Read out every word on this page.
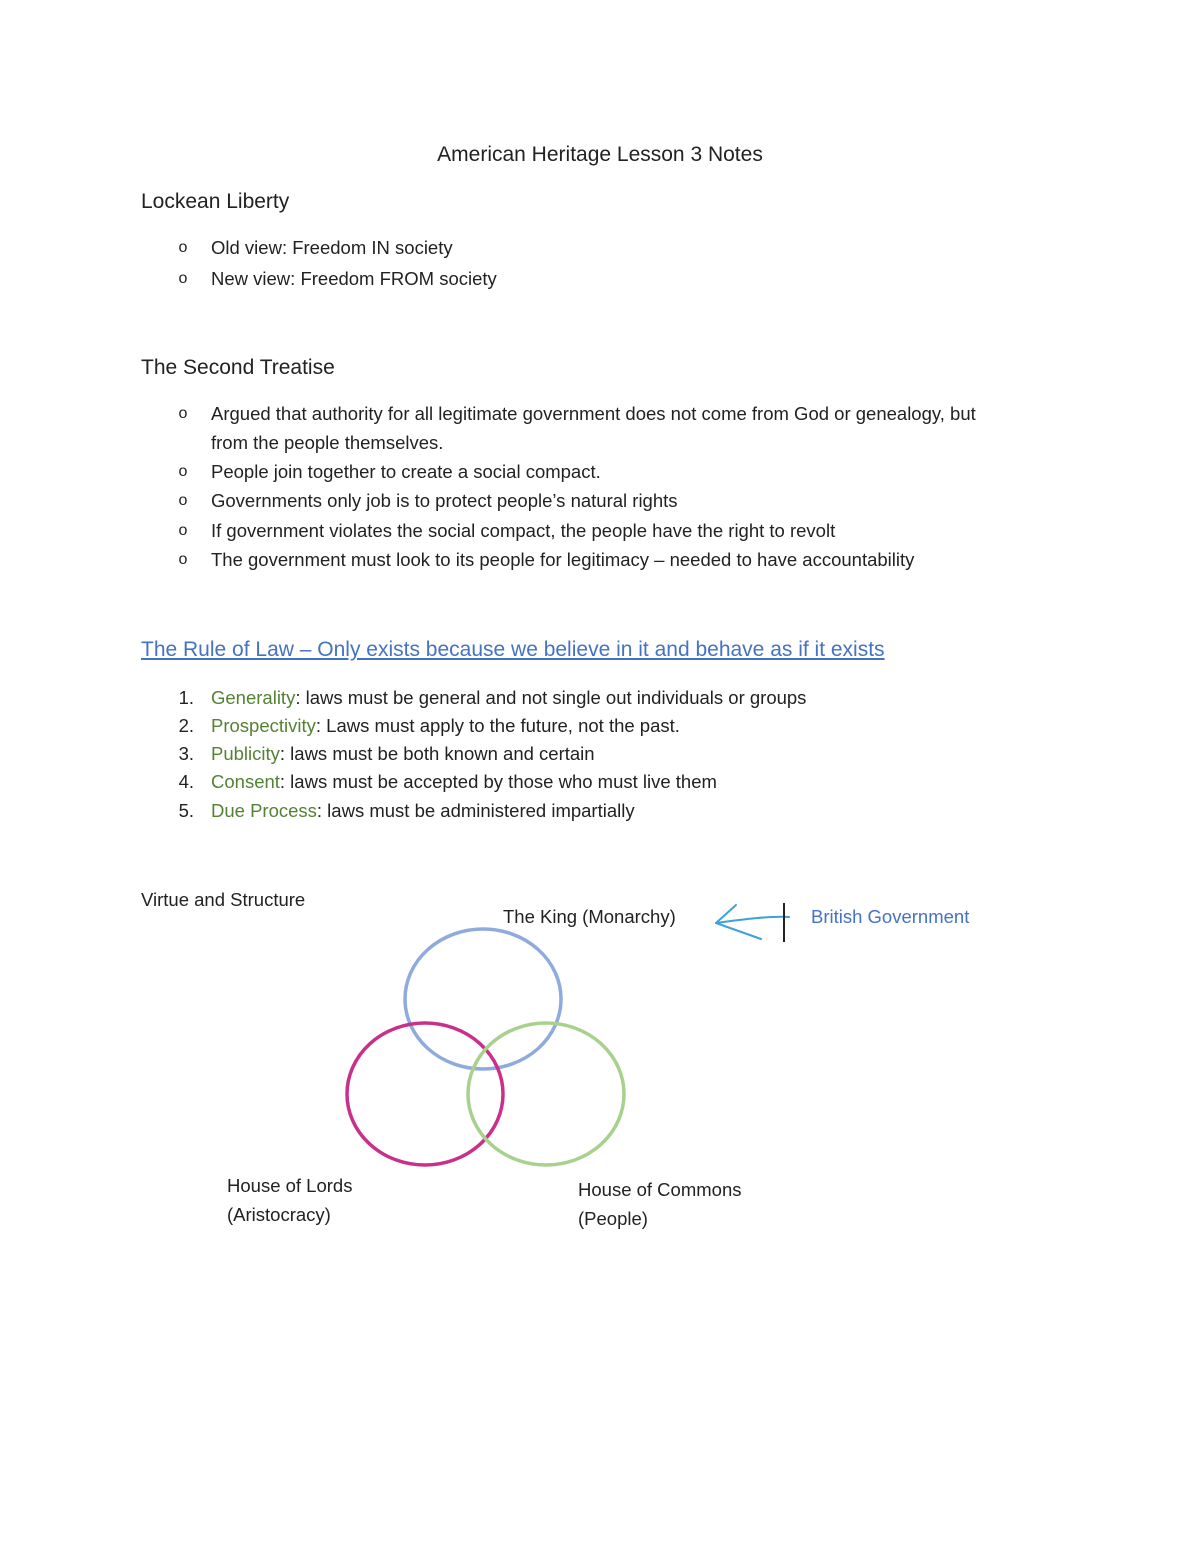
American Heritage Lesson 3 Notes
Lockean Liberty
o Old view: Freedom IN society
o New view: Freedom FROM society
The Second Treatise
o Argued that authority for all legitimate government does not come from God or genealogy, but
from the people themselves.
o People join together to create a social compact.
o Governments only job is to protect people’s natural rights
o If government violates the social compact, the people have the right to revolt
o The government must look to its people for legitimacy – needed to have accountability
The Rule of Law – Only exists because we believe in it and behave as if it exists
1. Generality: laws must be general and not single out individuals or groups
2. Prospectivity: Laws must apply to the future, not the past.
3. Publicity: laws must be both known and certain
4. Consent: laws must be accepted by those who must live them
5. Due Process: laws must be administered impartially
Virtue and Structure
The King (Monarchy)	British Government
House of Lords
(Aristocracy)
House of Commons
(People)
